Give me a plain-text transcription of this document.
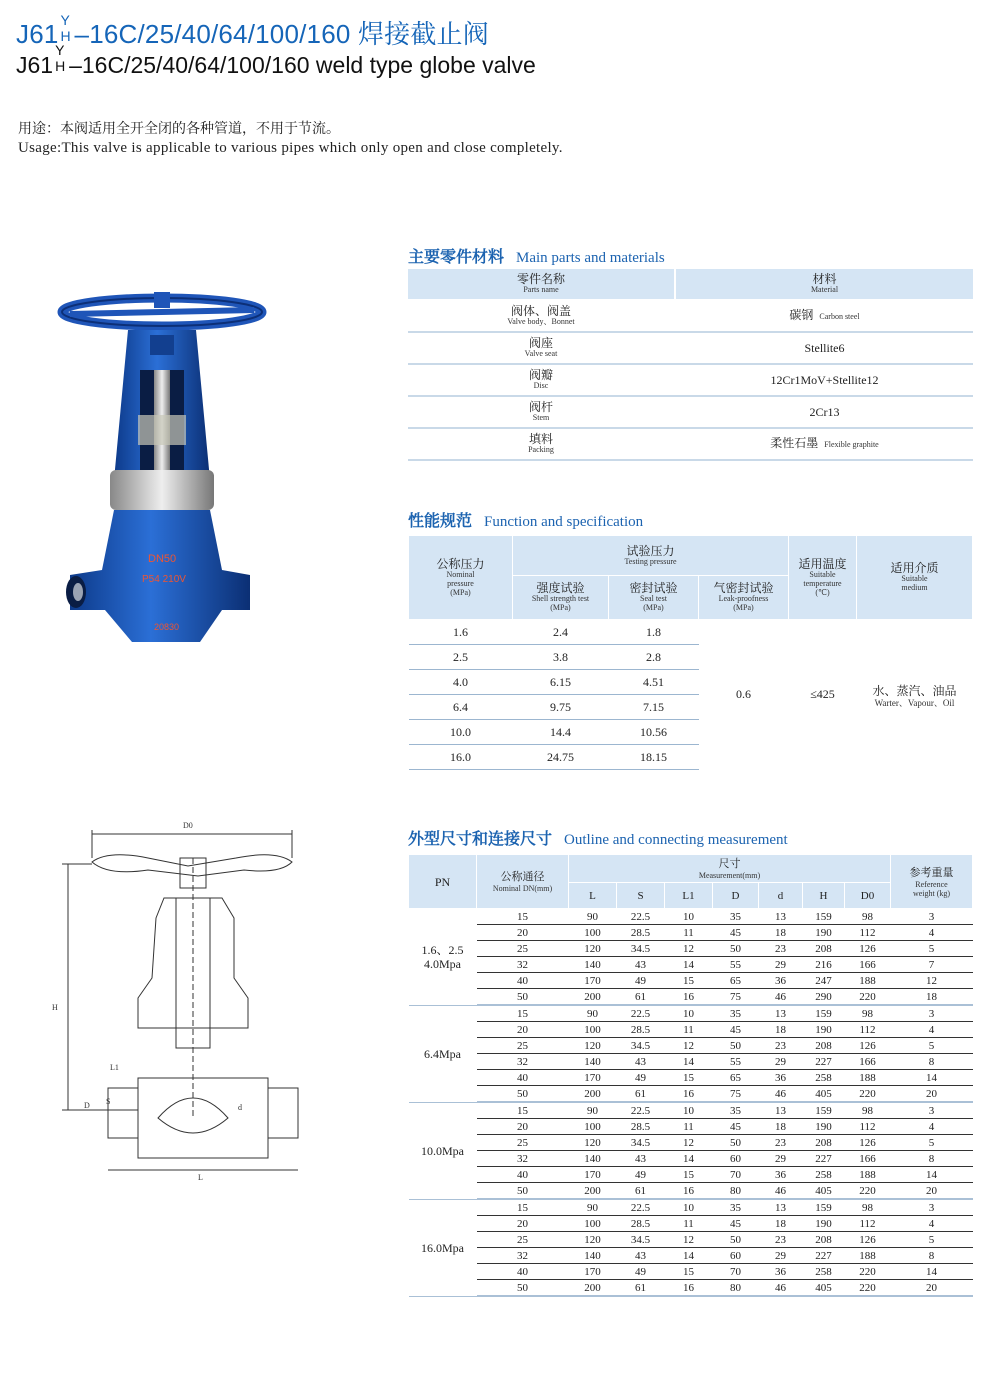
J61 Y
H –16C/25/40/64/100/160 焊接截止阀
J61
Y
H –16C/25/40/64/100/160 weld type globe valve
用途：本阀适用全开全闭的各种管道，不用于节流。
Usage:This valve is applicable to various pipes which only open and close completely.
DN50
P54 210V
20830
D0
H
L1
D S
d
L
主要零件材料 Main parts and materials
零件名称
Parts name	材料
Material

阀体、阀盖
Valve body、Bonnet	碳钢 Carbon steel
阀座
Valve seat	Stellite6
阀瓣
Disc	12Cr1MoV+Stellite12
阀杆
Stem	2Cr13
填料
Packing	柔性石墨 Flexible graphite
性能规范 Function and specification
公称压力
Nominal
pressure
(MPa)	试验压力
Testing pressure			适用温度
Suitable
temperature
(℃)	适用介质
Suitable
medium

	强度试验
Shell strength test
(MPa)	密封试验
Seal test
(MPa)	气密封试验
Leak-proofness
(MPa)		

1.6	2.4	1.8	0.6	≤425	水、蒸汽、油品
Warter、Vapour、Oil

2.5	3.8	2.8			
4.0	6.15	4.51			
6.4	9.75	7.15			
10.0	14.4	10.56			
16.0	24.75	18.15			
外型尺寸和连接尺寸 Outline and connecting measurement
PN	公称通径
Nominal DN(mm)	尺寸
Measurement(mm)							参考重量
Reference
weight (kg)

		L	S	L1	D	d	H	D0	
1.6、2.5
4.0Mpa	15	90	22.5	10	35	13	159	98	3
	20	100	28.5	11	45	18	190	112	4
	25	120	34.5	12	50	23	208	126	5
	32	140	43	14	55	29	216	166	7
	40	170	49	15	65	36	247	188	12
	50	200	61	16	75	46	290	220	18
6.4Mpa	15	90	22.5	10	35	13	159	98	3
	20	100	28.5	11	45	18	190	112	4
	25	120	34.5	12	50	23	208	126	5
	32	140	43	14	55	29	227	166	8
	40	170	49	15	65	36	258	188	14
	50	200	61	16	75	46	405	220	20
10.0Mpa	15	90	22.5	10	35	13	159	98	3
	20	100	28.5	11	45	18	190	112	4
	25	120	34.5	12	50	23	208	126	5
	32	140	43	14	60	29	227	166	8
	40	170	49	15	70	36	258	188	14
	50	200	61	16	80	46	405	220	20
16.0Mpa	15	90	22.5	10	35	13	159	98	3
	20	100	28.5	11	45	18	190	112	4
	25	120	34.5	12	50	23	208	126	5
	32	140	43	14	60	29	227	188	8
	40	170	49	15	70	36	258	220	14
	50	200	61	16	80	46	405	220	20
